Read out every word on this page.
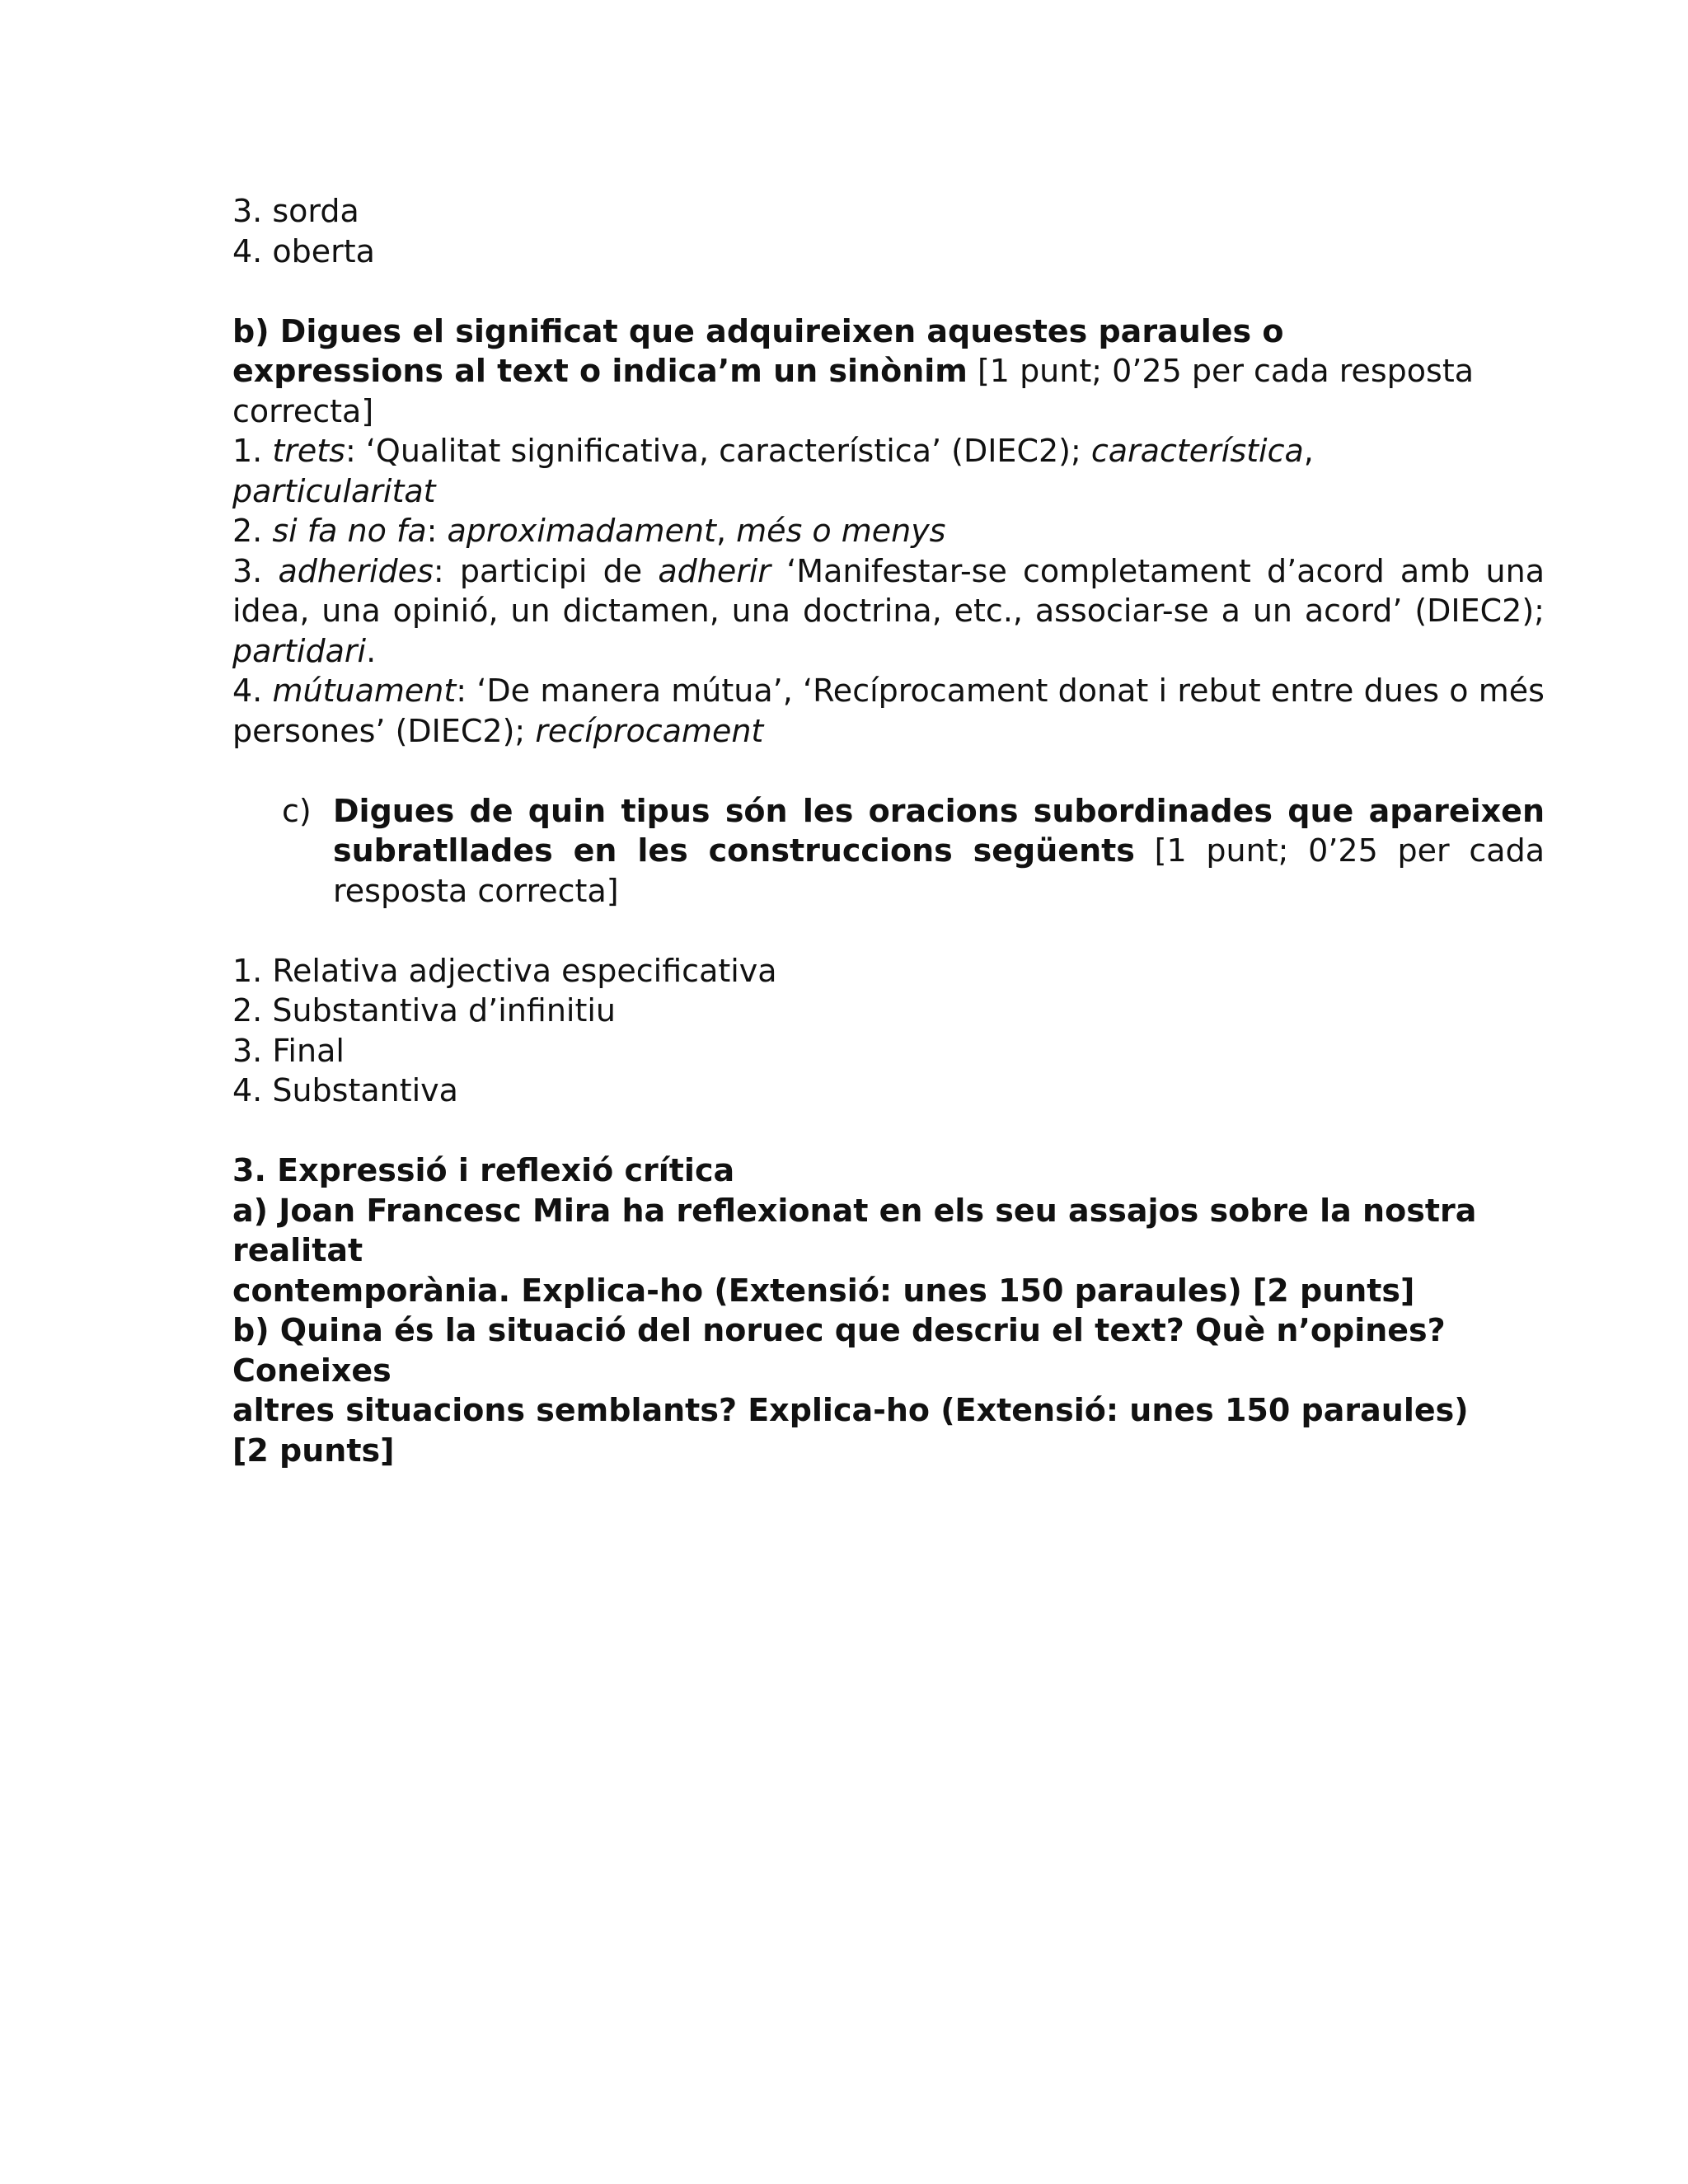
3. sorda
4. oberta
b) Digues el significat que adquireixen aquestes paraules o
expressions al text o indica’m un sinònim [1 punt; 0’25 per cada resposta
correcta]
1. trets: ‘Qualitat significativa, característica’ (DIEC2); característica,
particularitat
2. si fa no fa: aproximadament, més o menys
3. adherides: participi de adherir ‘Manifestar-se completament d’acord amb una idea, una opinió, un dictamen, una doctrina, etc., associar-se a un acord’ (DIEC2); partidari.
4. mútuament: ‘De manera mútua’, ‘Recíprocament donat i rebut entre dues o més persones’ (DIEC2); recíprocament
c) Digues de quin tipus són les oracions subordinades que apareixen subratllades en les construccions següents [1 punt; 0’25 per cada resposta correcta]
1. Relativa adjectiva especificativa
2. Substantiva d’infinitiu
3. Final
4. Substantiva
3. Expressió i reflexió crítica
a) Joan Francesc Mira ha reflexionat en els seu assajos sobre la nostra
realitat
contemporània. Explica-ho (Extensió: unes 150 paraules) [2 punts]
b) Quina és la situació del noruec que descriu el text? Què n’opines?
Coneixes
altres situacions semblants? Explica-ho (Extensió: unes 150 paraules)
[2 punts]
